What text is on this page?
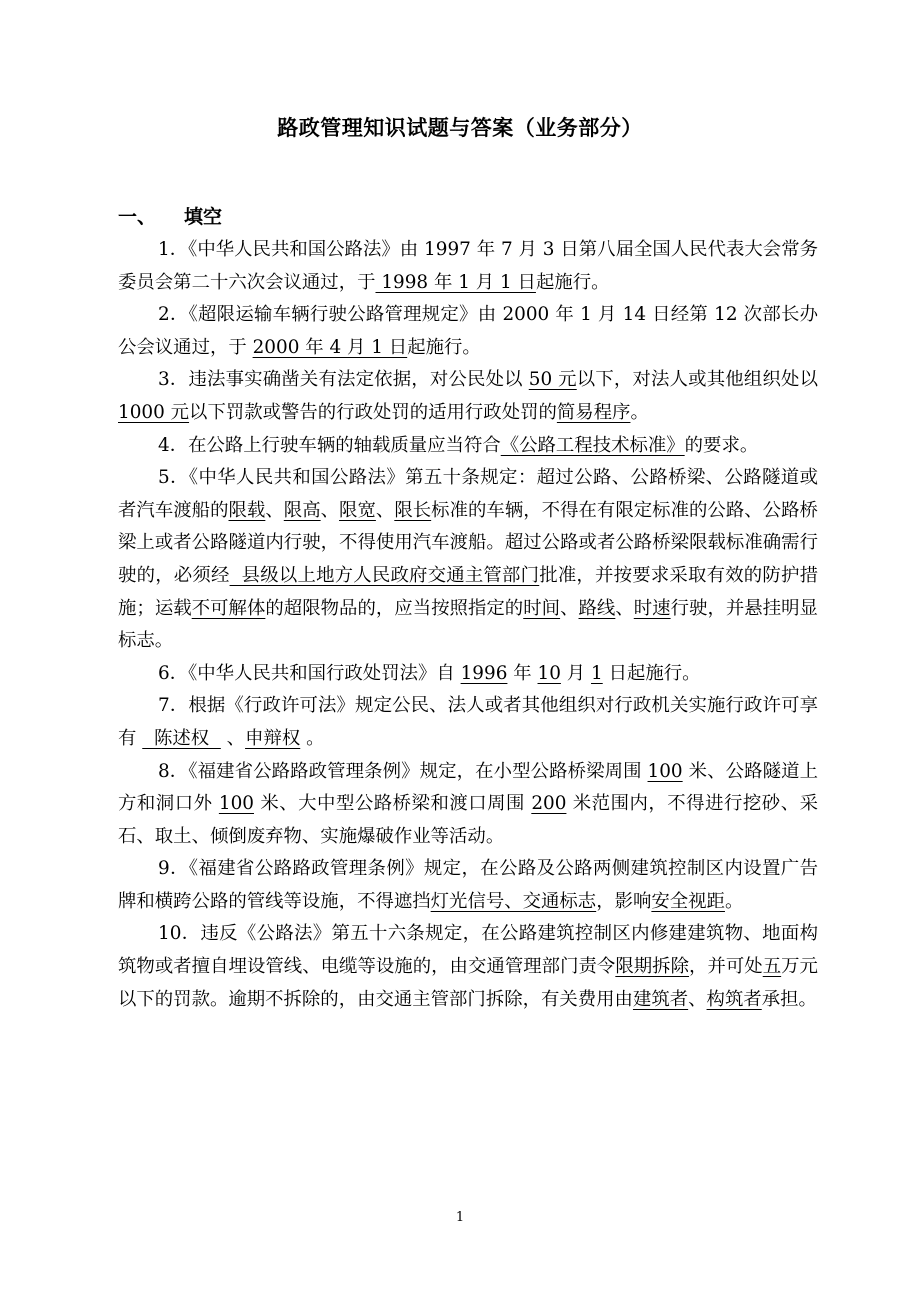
路政管理知识试题与答案（业务部分）
一、 填空

1．《中华人民共和国公路法》由 1997 年 7 月 3 日第八届全国人民代表大会常务委员会第二十六次会议通过，于 1998 年 1 月 1 日起施行。

2．《超限运输车辆行驶公路管理规定》由 2000 年 1 月 14 日经第 12 次部长办公会议通过，于 2000 年 4 月 1 日起施行。

3．违法事实确凿关有法定依据，对公民处以 50 元以下，对法人或其他组织处以 1000 元以下罚款或警告的行政处罚的适用行政处罚的简易程序。

4．在公路上行驶车辆的轴载质量应当符合《公路工程技术标准》的要求。

5．《中华人民共和国公路法》第五十条规定：超过公路、公路桥梁、公路隧道或者汽车渡船的限载、限高、限宽、限长标准的车辆，不得在有限定标准的公路、公路桥梁上或者公路隧道内行驶，不得使用汽车渡船。超过公路或者公路桥梁限载标准确需行驶的，必须经  县级以上地方人民政府交通主管部门批准，并按要求采取有效的防护措施；运载不可解体的超限物品的，应当按照指定的时间、路线、时速行驶，并悬挂明显标志。

6．《中华人民共和国行政处罚法》自 1996 年 10 月 1 日起施行。

7．根据《行政许可法》规定公民、法人或者其他组织对行政机关实施行政许可享有   陈述权   、申辩权 。

8．《福建省公路路政管理条例》规定，在小型公路桥梁周围 100 米、公路隧道上方和洞口外 100 米、大中型公路桥梁和渡口周围 200 米范围内，不得进行挖砂、采石、取土、倾倒废弃物、实施爆破作业等活动。

9．《福建省公路路政管理条例》规定，在公路及公路两侧建筑控制区内设置广告牌和横跨公路的管线等设施，不得遮挡灯光信号、交通标志，影响安全视距。

10．违反《公路法》第五十六条规定，在公路建筑控制区内修建建筑物、地面构筑物或者擅自埋设管线、电缆等设施的，由交通管理部门责令限期拆除，并可处五万元以下的罚款。逾期不拆除的，由交通主管部门拆除，有关费用由建筑者、构筑者承担。

1
